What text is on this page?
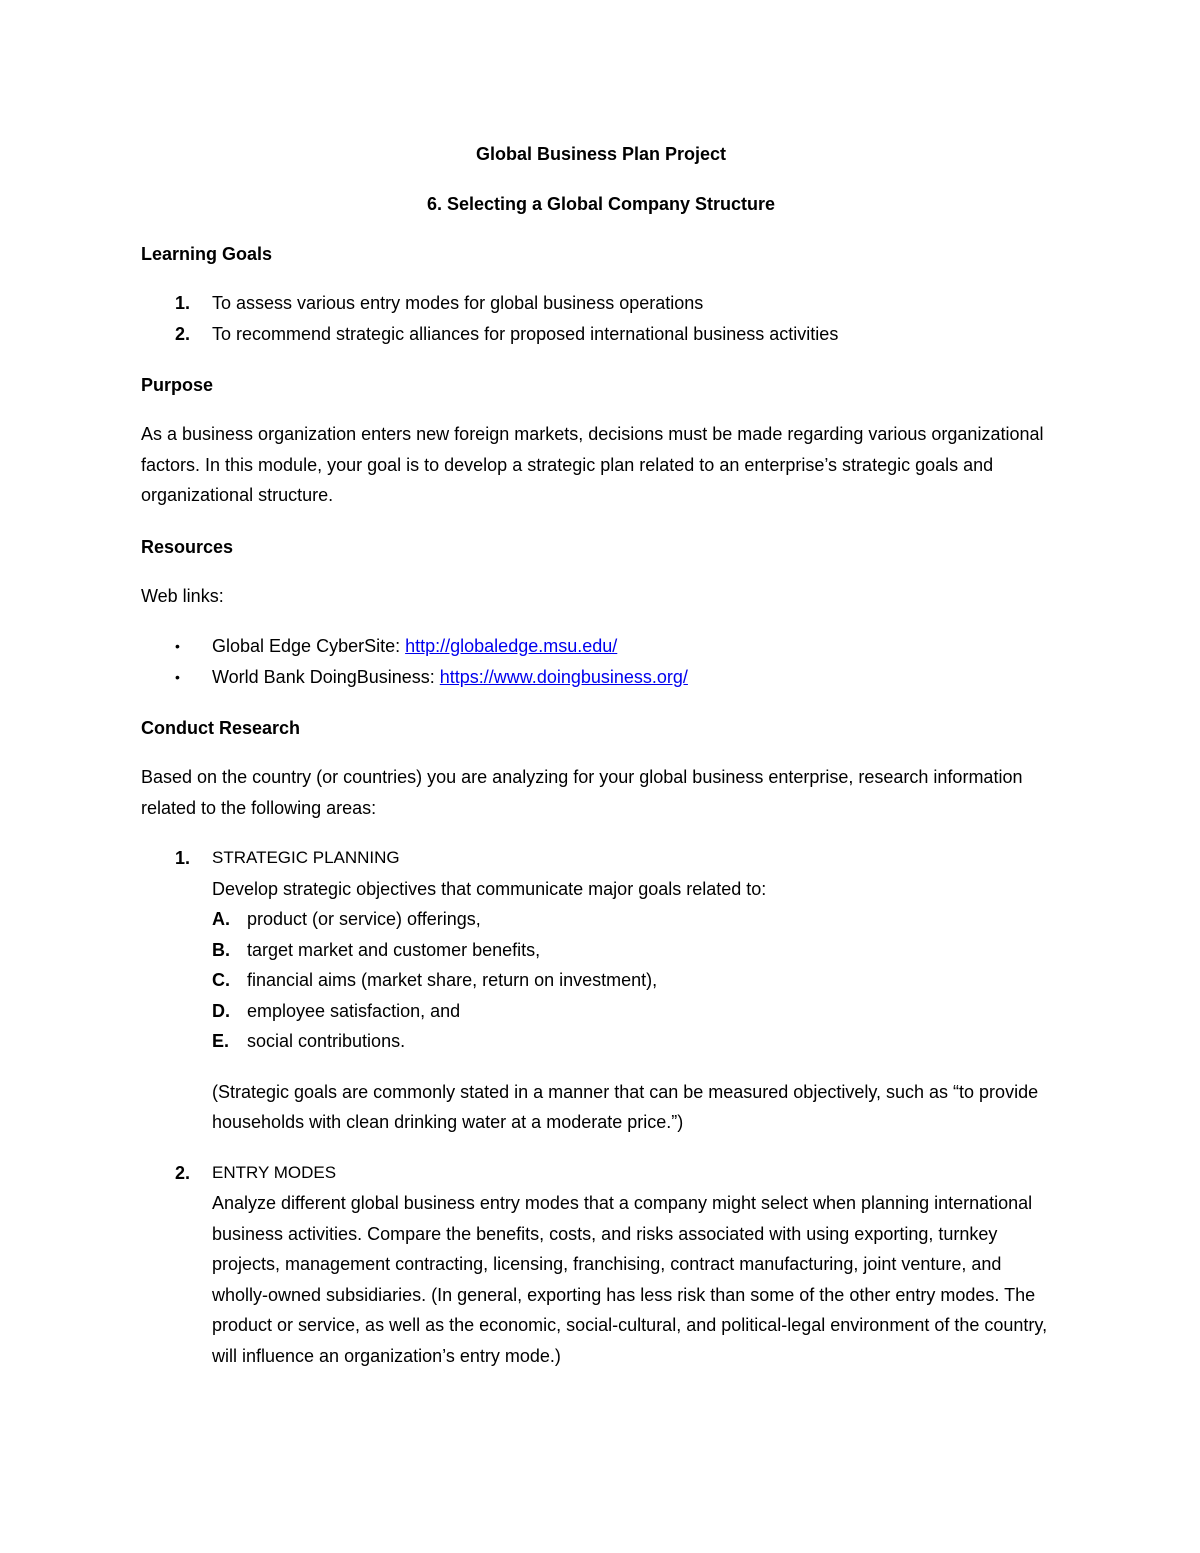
Global Business Plan Project

6. Selecting a Global Company Structure

Learning Goals

1. To assess various entry modes for global business operations
2. To recommend strategic alliances for proposed international business activities

Purpose

As a business organization enters new foreign markets, decisions must be made regarding various organizational factors. In this module, your goal is to develop a strategic plan related to an enterprise’s strategic goals and organizational structure.

Resources

Web links:

• Global Edge CyberSite: http://globaledge.msu.edu/
• World Bank DoingBusiness: https://www.doingbusiness.org/

Conduct Research

Based on the country (or countries) you are analyzing for your global business enterprise, research information related to the following areas:

1. STRATEGIC PLANNING
Develop strategic objectives that communicate major goals related to:
A. product (or service) offerings,
B. target market and customer benefits,
C. financial aims (market share, return on investment),
D. employee satisfaction, and
E. social contributions.
(Strategic goals are commonly stated in a manner that can be measured objectively, such as “to provide households with clean drinking water at a moderate price.”)
2. ENTRY MODES
Analyze different global business entry modes that a company might select when planning international business activities. Compare the benefits, costs, and risks associated with using exporting, turnkey projects, management contracting, licensing, franchising, contract manufacturing, joint venture, and wholly-owned subsidiaries. (In general, exporting has less risk than some of the other entry modes. The product or service, as well as the economic, social-cultural, and political-legal environment of the country, will influence an organization’s entry mode.)
